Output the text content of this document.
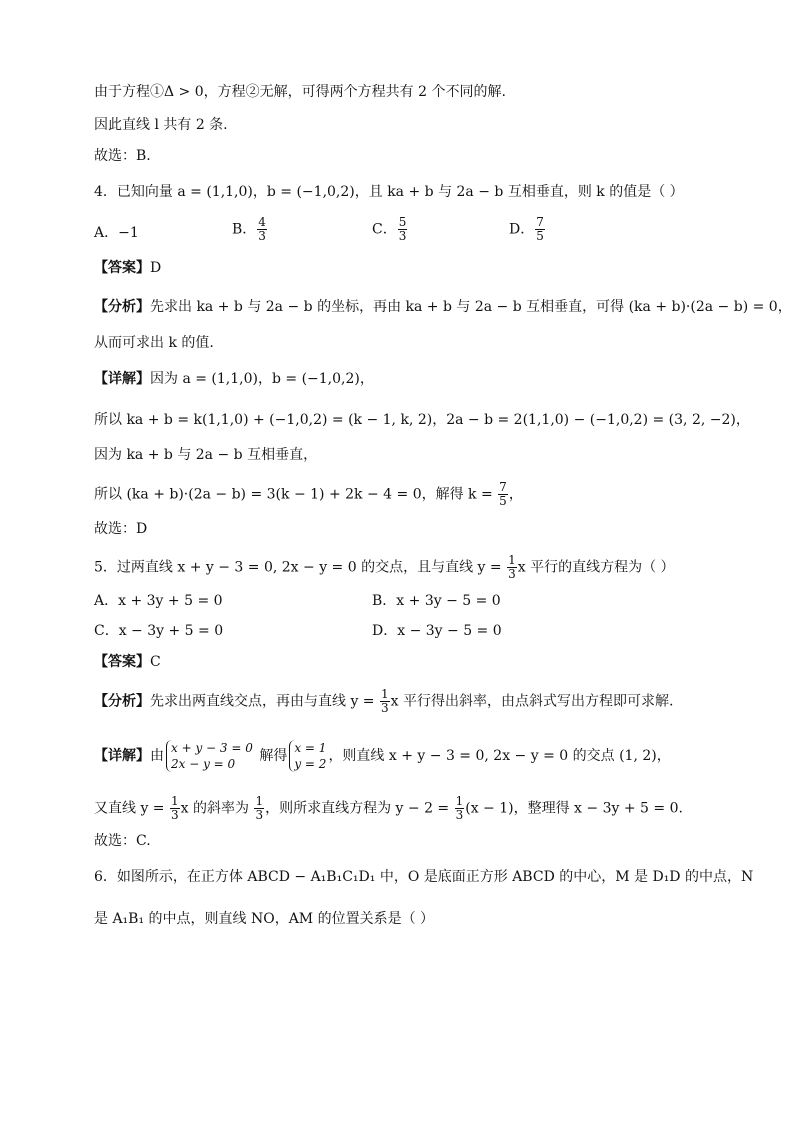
由于方程①Δ > 0，方程②无解，可得两个方程共有 2 个不同的解.
因此直线 l 共有 2 条.
故选：B.
4．已知向量 a = (1,1,0)，b = (−1,0,2)，且 ka + b 与 2a − b 互相垂直，则 k 的值是（ ）
A．−1	B． $\frac{4}{3}$	C． $\frac{5}{3}$	D． $\frac{7}{5}$
【答案】D
【分析】先求出 ka + b 与 2a − b 的坐标，再由 ka + b 与 2a − b 互相垂直，可得 (ka + b)·(2a − b) = 0，
从而可求出 k 的值.
【详解】因为 a = (1,1,0)，b = (−1,0,2)，
所以 ka + b = k(1,1,0) + (−1,0,2) = (k − 1, k, 2)，2a − b = 2(1,1,0) − (−1,0,2) = (3, 2, −2)，
因为 ka + b 与 2a − b 互相垂直，
所以 (ka + b)·(2a − b) = 3(k − 1) + 2k − 4 = 0，解得 $k = \frac{7}{5}$ ，
故选：D
5．过两直线 x + y − 3 = 0, 2x − y = 0 的交点，且与直线 $y = \frac{1}{3}$ x 平行的直线方程为（ ）
A．x + 3y + 5 = 0	B．x + 3y − 5 = 0
C．x − 3y + 5 = 0	D．x − 3y − 5 = 0
【答案】C
【分析】先求出两直线交点，再由与直线 $y = \frac{1}{3}$ x 平行得出斜率，由点斜式写出方程即可求解.
【详解】由 x + y − 3 = 0
2x − y = 0	解得 x = 1
y = 2 ，则直线 x + y − 3 = 0, 2x − y = 0 的交点 (1, 2)，
又直线 $y = \frac{1}{3}$ x 的斜率为 $\frac{1}{3}$ ，则所求直线方程为 $y - 2 = \frac{1}{3} (x - 1)$，整理得 x − 3y + 5 = 0.
故选：C.
6．如图所示，在正方体 ABCD − A₁B₁C₁D₁ 中，O 是底面正方形 ABCD 的中心，M 是 D₁D 的中点，N
是 A₁B₁ 的中点，则直线 NO，AM 的位置关系是（ ）
